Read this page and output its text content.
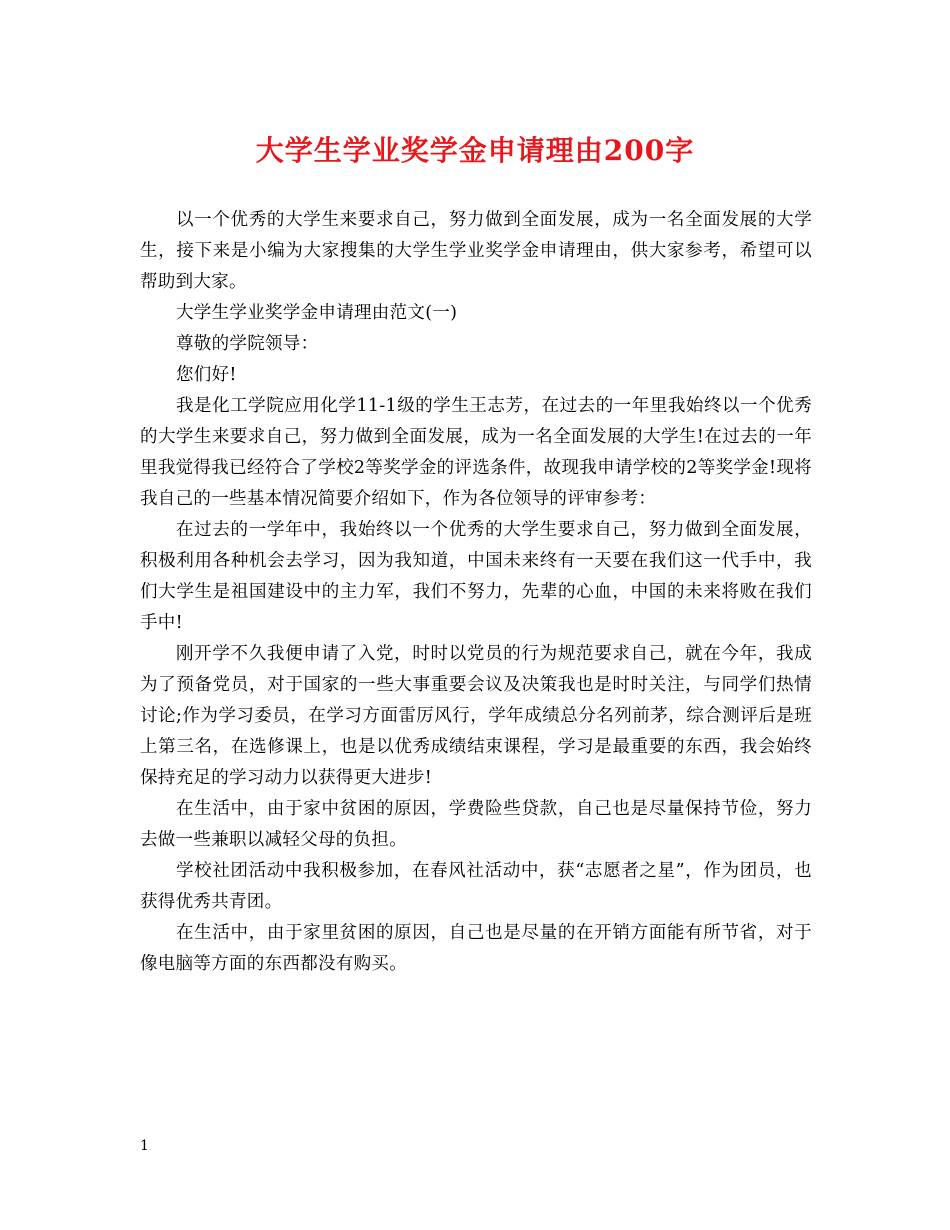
大学生学业奖学金申请理由200字

以一个优秀的大学生来要求自己，努力做到全面发展，成为一名全面发展的大学生，接下来是小编为大家搜集的大学生学业奖学金申请理由，供大家参考，希望可以帮助到大家。

大学生学业奖学金申请理由范文(一)

尊敬的学院领导：

您们好!

我是化工学院应用化学11-1级的学生王志芳，在过去的一年里我始终以一个优秀的大学生来要求自己，努力做到全面发展，成为一名全面发展的大学生!在过去的一年里我觉得我已经符合了学校2等奖学金的评选条件，故现我申请学校的2等奖学金!现将我自己的一些基本情况简要介绍如下，作为各位领导的评审参考：

在过去的一学年中，我始终以一个优秀的大学生要求自己，努力做到全面发展，积极利用各种机会去学习，因为我知道，中国未来终有一天要在我们这一代手中，我们大学生是祖国建设中的主力军，我们不努力，先辈的心血，中国的未来将败在我们手中!

刚开学不久我便申请了入党，时时以党员的行为规范要求自己，就在今年，我成为了预备党员，对于国家的一些大事重要会议及决策我也是时时关注，与同学们热情讨论;作为学习委员，在学习方面雷厉风行，学年成绩总分名列前茅，综合测评后是班上第三名，在选修课上，也是以优秀成绩结束课程，学习是最重要的东西，我会始终保持充足的学习动力以获得更大进步!

在生活中，由于家中贫困的原因，学费险些贷款，自己也是尽量保持节俭，努力去做一些兼职以减轻父母的负担。

学校社团活动中我积极参加，在春风社活动中，获“志愿者之星”，作为团员，也获得优秀共青团。

在生活中，由于家里贫困的原因，自己也是尽量的在开销方面能有所节省，对于像电脑等方面的东西都没有购买。

1
